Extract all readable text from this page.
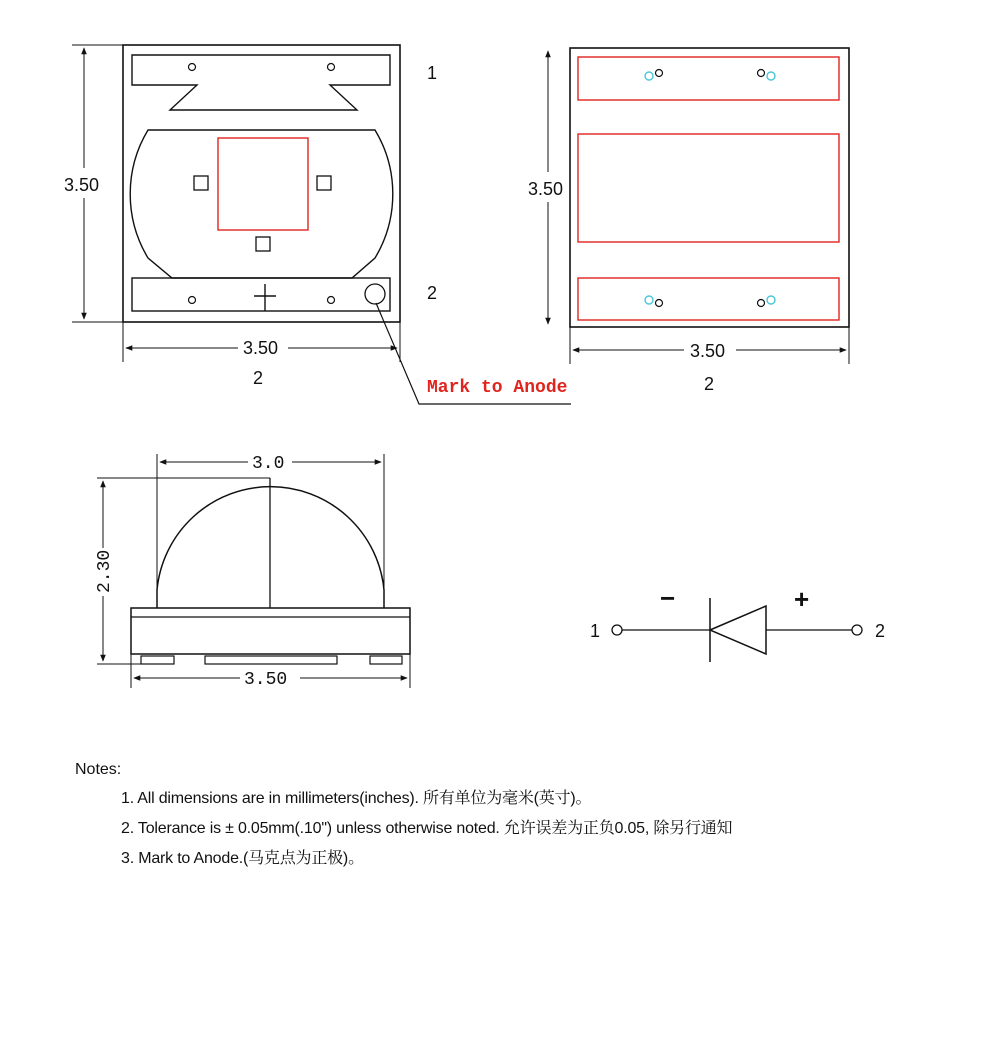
Mark to Anode
3.50
3.50
1
2
2
3.50
3.50
2
3.0
2.30
3.50
1	2
−	+
Notes:
1. All dimensions are in millimeters(inches). 所有单位为毫米(英寸)。
2. Tolerance is ± 0.05mm(.10") unless otherwise noted. 允许误差为正负0.05, 除另行通知
3. Mark to Anode.(马克点为正极)。
